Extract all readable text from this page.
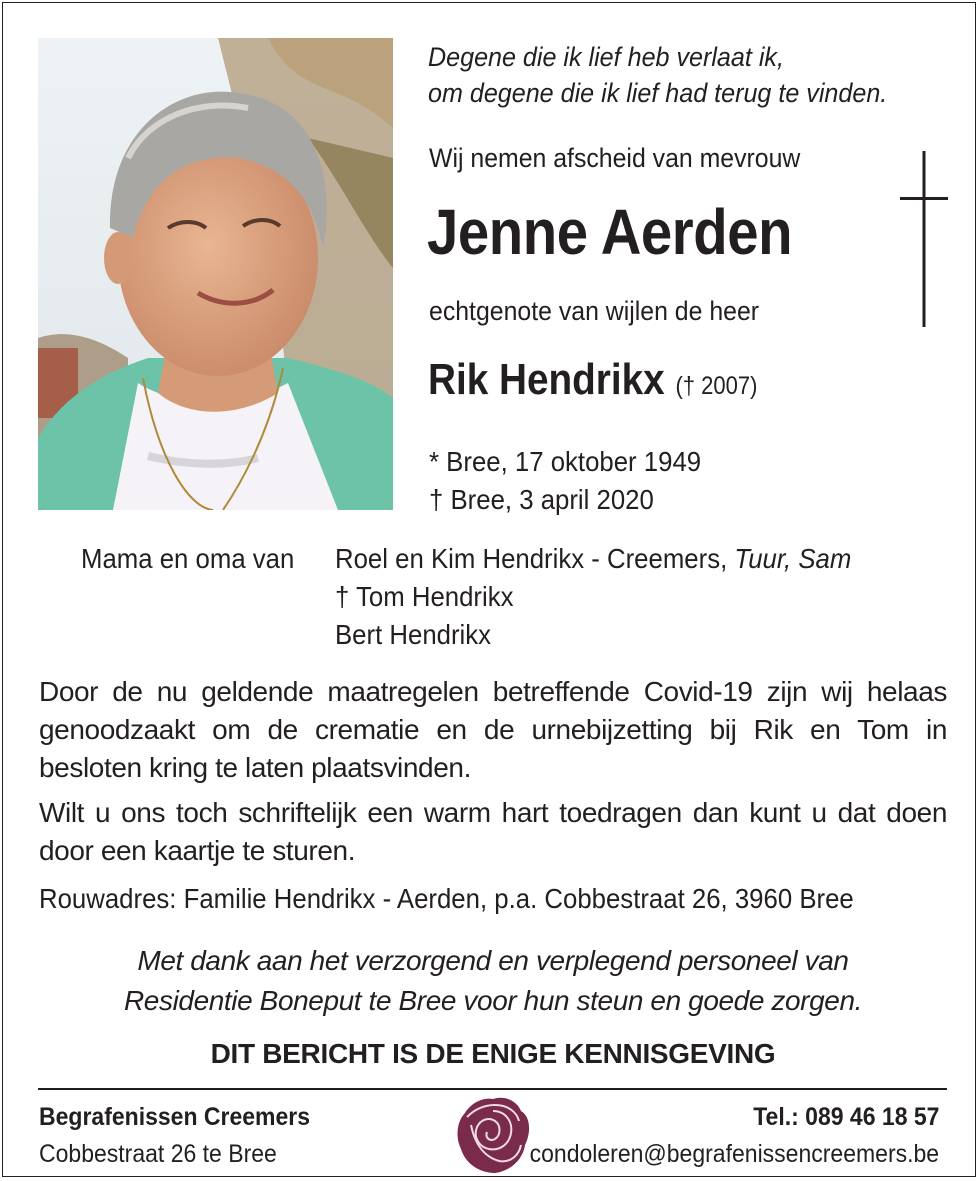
Degene die ik lief heb verlaat ik,
om degene die ik lief had terug te vinden.
Wij nemen afscheid van mevrouw
Jenne Aerden
echtgenote van wijlen de heer
Rik Hendrikx († 2007)
* Bree, 17 oktober 1949
† Bree, 3 april 2020
Mama en oma van Roel en Kim Hendrikx - Creemers, Tuur, Sam
† Tom Hendrikx
Bert Hendrikx
Door de nu geldende maatregelen betreffende Covid-19 zijn wij helaas genoodzaakt om de crematie en de urnebijzetting bij Rik en Tom in besloten kring te laten plaatsvinden.
Wilt u ons toch schriftelijk een warm hart toedragen dan kunt u dat doen door een kaartje te sturen.
Rouwadres: Familie Hendrikx - Aerden, p.a. Cobbestraat 26, 3960 Bree
Met dank aan het verzorgend en verplegend personeel van
Residentie Boneput te Bree voor hun steun en goede zorgen.
DIT BERICHT IS DE ENIGE KENNISGEVING
Begrafenissen Creemers
Cobbestraat 26 te Bree
Tel.: 089 46 18 57
condoleren@begrafenissencreemers.be
